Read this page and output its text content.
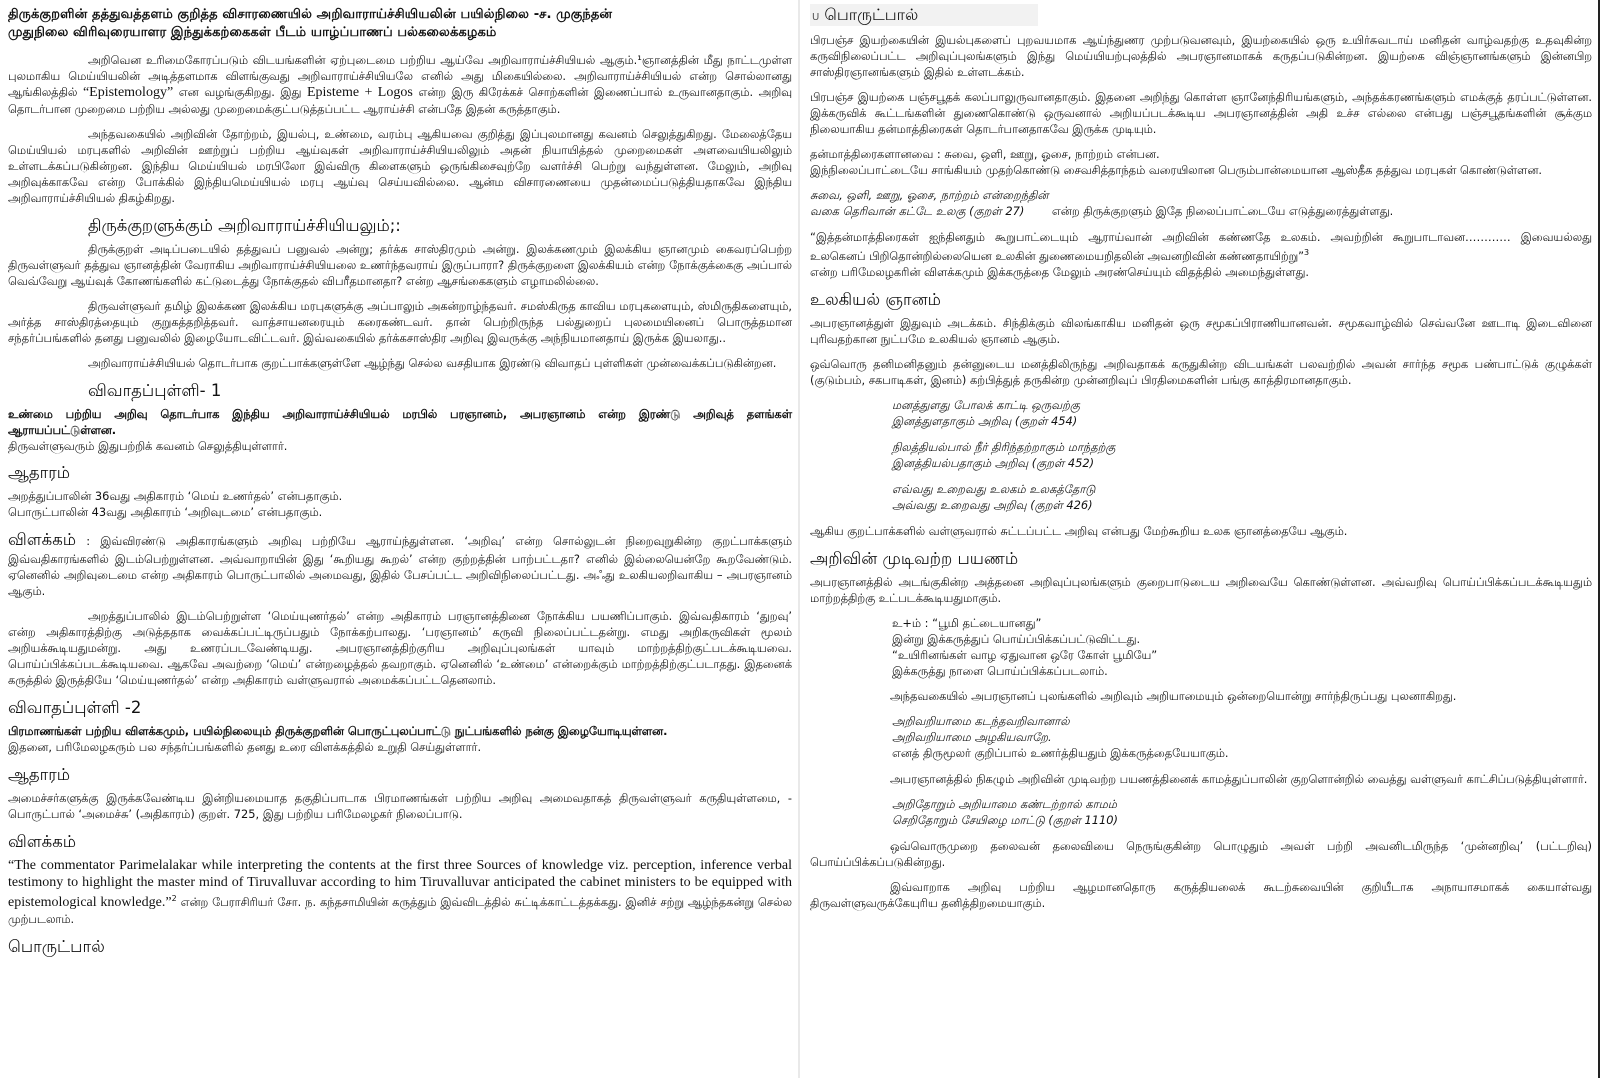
திருக்குறளின் தத்துவத்தளம் குறித்த விசாரணையில் அறிவாராய்ச்சியியலின் பயில்நிலை -ச. முகுந்தன்

முதுநிலை விரிவுரையாளர இந்துக்கற்கைகள் பீடம் யாழ்ப்பாணப் பல்கலைக்கழகம்

அறிவென உரிமைகோரப்படும் விடயங்களின் ஏற்புடைமை பற்றிய ஆய்வே அறிவாராய்ச்சியியல் ஆகும்.¹ஞானத்தின் மீது நாட்டமுள்ள புலமாகிய மெய்யியலின் அடித்தளமாக விளங்குவது அறிவாராய்ச்சியியலே எனில் அது மிகையில்லை. அறிவாராய்ச்சியியல் என்ற சொல்லானது ஆங்கிலத்தில் “Epistemology” என வழங்குகிறது. இது Episteme + Logos என்ற இரு கிரேக்கச் சொற்களின் இணைப்பால் உருவானதாகும். அறிவு தொடர்பான முறைமை பற்றிய அல்லது முறைமைக்குட்படுத்தப்பட்ட ஆராய்ச்சி என்பதே இதன் கருத்தாகும்.

அந்தவகையில் அறிவின் தோற்றம், இயல்பு, உண்மை, வரம்பு ஆகியவை குறித்து இப்புலமானது கவனம் செலுத்துகிறது. மேலைத்தேய மெய்யியல் மரபுகளில் அறிவின் ஊற்றுப் பற்றிய ஆய்வுகள் அறிவாராய்ச்சியியலிலும் அதன் நியாயித்தல் முறைமைகள் அளவையியலிலும் உள்ளடக்கப்படுகின்றன. இந்திய மெய்யியல் மரபிலோ இவ்விரு கிளைகளும் ஒருங்கிசைவுற்றே வளர்ச்சி பெற்று வந்துள்ளன. மேலும், அறிவு அறிவுக்காகவே என்ற போக்கில் இந்தியமெய்யியல் மரபு ஆய்வு செய்யவில்லை. ஆன்ம விசாரணையை முதன்மைப்படுத்தியதாகவே இந்திய அறிவாராய்ச்சியியல் திகழ்கிறது.

திருக்குறளுக்கும் அறிவாராய்ச்சியியலும்;:

திருக்குறள் அடிப்படையில் தத்துவப் பனுவல் அன்று; தர்க்க சாஸ்திரமும் அன்று. இலக்கணமும் இலக்கிய ஞானமும் கைவரப்பெற்ற திருவள்ளுவர் தத்துவ ஞானத்தின் வேராகிய அறிவாராய்ச்சியியலை உணர்ந்தவராய் இருப்பாரா? திருக்குறளை இலக்கியம் என்ற நோக்குக்கைகு அப்பால் வெவ்வேறு ஆய்வுக் கோணங்களில் கட்டுடைத்து நோக்குதல் விபரீதமானதா? என்ற ஆசங்கைகளும் எழாமலில்லை.

திருவள்ளுவர் தமிழ் இலக்கண இலக்கிய மரபுகளுக்கு அப்பாலும் அகன்றாழ்ந்தவர். சமஸ்கிருத காவிய மரபுகளையும், ஸ்மிருதிகளையும், அர்த்த சாஸ்திரத்தையும் குறுகத்தறித்தவர். வாத்சாயனரையும் கரைகண்டவர். தான் பெற்றிருந்த பல்துறைப் புலமையினைப் பொருத்தமான சந்தர்ப்பங்களில் தனது பனுவலில் இழையோடவிட்டவர். இவ்வகையில் தர்க்கசாஸ்திர அறிவு இவருக்கு அந்நியமானதாய் இருக்க இயலாது..

அறிவாராய்ச்சியியல் தொடர்பாக குறட்பாக்களுள்ளே ஆழ்ந்து செல்ல வசதியாக இரண்டு விவாதப் புள்ளிகள் முன்வைக்கப்படுகின்றன.

விவாதப்புள்ளி- 1

உண்மை பற்றிய அறிவு தொடர்பாக இந்திய அறிவாராய்ச்சியியல் மரபில் பரஞானம், அபரஞானம் என்ற இரண்டு அறிவுத் தளங்கள் ஆராயப்பட்டுள்ளன.
திருவள்ளுவரும் இதுபற்றிக் கவனம் செலுத்தியுள்ளார்.

ஆதாரம்

அறத்துப்பாலின் 36வது அதிகாரம் ‘மெய் உணர்தல்’ என்பதாகும்.
பொருட்பாலின் 43வது அதிகாரம் ‘அறிவுடமை’ என்பதாகும்.

விளக்கம் : இவ்விரண்டு அதிகாரங்களும் அறிவு பற்றியே ஆராய்ந்துள்ளன. ‘அறிவு’ என்ற சொல்லுடன் நிறைவுறுகின்ற குறட்பாக்களும் இவ்வதிகாரங்களில் இடம்பெற்றுள்ளன. அவ்வாறாயின் இது ‘கூறியது கூறல்’ என்ற குற்றத்தின் பாற்பட்டதா? எனில் இல்லையென்றே கூறவேண்டும். ஏனெனில் அறிவுடைமை என்ற அதிகாரம் பொருட்பாலில் அமைவது, இதில் பேசப்பட்ட அறிவிநிலைப்பட்டது. அஃது உலகியலறிவாகிய – அபரஞானம் ஆகும்.

அறத்துப்பாலில் இடம்பெற்றுள்ள ‘மெய்யுணர்தல்’ என்ற அதிகாரம் பரஞானத்தினை நோக்கிய பயணிப்பாகும். இவ்வதிகாரம் ‘துறவு’ என்ற அதிகாரத்திற்கு அடுத்ததாக வைக்கப்பட்டிருப்பதும் நோக்கற்பாலது. ‘பரஞானம்’ கருவி நிலைப்பட்டதன்று. எமது அறிகருவிகள் மூலம் அறியக்கூடியதுமன்று. அது உணரப்படவேண்டியது. அபரஞானத்திற்குரிய அறிவுப்புலங்கள் யாவும் மாற்றத்திற்குட்படக்கூடியவை. பொய்ப்பிக்கப்படக்கூடியவை. ஆகவே அவற்றை ‘மெய்’ என்றழைத்தல் தவறாகும். ஏனெனில் ‘உண்மை’ என்றைக்கும் மாற்றத்திற்குட்படாதது. இதனைக் கருத்தில் இருத்தியே ‘மெய்யுணர்தல்’ என்ற அதிகாரம் வள்ளுவரால் அமைக்கப்பட்டதெனலாம்.

விவாதப்புள்ளி -2

பிரமாணங்கள் பற்றிய விளக்கமும், பயில்நிலையும் திருக்குறளின் பொருட்புலப்பாட்டு நுட்பங்களில் நன்கு இழையோடியுள்ளன.
இதனை, பரிமேலழகரும் பல சந்தர்ப்பங்களில் தனது உரை விளக்கத்தில் உறுதி செய்துள்ளார்.

ஆதாரம்

அமைச்சர்களுக்கு இருக்கவேண்டிய இன்றியமையாத தகுதிப்பாடாக பிரமாணங்கள் பற்றிய அறிவு அமைவதாகத் திருவள்ளுவர் கருதியுள்ளமை, - பொருட்பால் ‘அமைச்சு’ (அதிகாரம்) குறள். 725, இது பற்றிய பரிமேலழகர் நிலைப்பாடு.

விளக்கம்

“The commentator Parimelalakar while interpreting the contents at the first three Sources of knowledge viz. perception, inference verbal testimony to highlight the master mind of Tiruvalluvar according to him Tiruvalluvar anticipated the cabinet ministers to be equipped with epistemological knowledge.”$^2$ என்ற பேராசிரியர் சோ. ந. கந்தசாமியின் கருத்தும் இவ்விடத்தில் சுட்டிக்காட்டத்தக்கது. இனிச் சற்று ஆழ்ந்தகன்று செல்ல முற்படலாம்.

பொருட்பால்

U பொருட்பால்

பிரபஞ்ச இயற்கையின் இயல்புகளைப் புறவயமாக ஆய்ந்துணர முற்படுவனவும், இயற்கையில் ஒரு உயிர்சுவடாய் மனிதன் வாழ்வதற்கு உதவுகின்ற கருவிநிலைப்பட்ட அறிவுப்புலங்களும் இந்து மெய்யியற்புலத்தில் அபரஞானமாகக் கருதப்படுகின்றன. இயற்கை விஞ்ஞானங்களும் இன்னபிற சாஸ்திரஞானங்களும் இதில் உள்ளடக்கம்.

பிரபஞ்ச இயற்கை பஞ்சபூதக் கலப்பாலுருவானதாகும். இதனை அறிந்து கொள்ள ஞானேந்திரியங்களும், அந்தக்கரணங்களும் எமக்குத் தரப்பட்டுள்ளன. இக்கருவிக் கூட்டங்களின் துணைகொண்டு ஒருவனால் அறியப்படக்கூடிய அபரஞானத்தின் அதி உச்ச எல்லை என்பது பஞ்சபூதங்களின் சூக்கும நிலையாகிய தன்மாத்திரைகள் தொடர்பானதாகவே இருக்க முடியும்.

தன்மாத்திரைகளானவை : சுவை, ஒளி, ஊறு, ஓசை, நாற்றம் என்பன.
இந்நிலைப்பாட்டையே சாங்கியம் முதற்கொண்டு சைவசித்தாந்தம் வரையிலான பெரும்பான்மையான ஆஸ்தீக தத்துவ மரபுகள் கொண்டுள்ளன.

சுவை, ஒளி, ஊறு, ஓசை, நாற்றம் என்றைந்தின்
வகை தெரிவான் கட்டே உலகு (குறள் 27) என்ற திருக்குறளும் இதே நிலைப்பாட்டையே எடுத்துரைத்துள்ளது.

“இத்தன்மாத்திரைகள் ஐந்தினதும் கூறுபாட்டையும் ஆராய்வான் அறிவின் கண்ணதே உலகம். அவற்றின் கூறுபாடாவன………… இவையல்லது உலகெனப் பிறிதொன்றில்லையென உலகின் துணைமையறிதலின் அவனறிவின் கண்ணதாயிற்று”$^3$
என்ற பரிமேலழகரின் விளக்கமும் இக்கருத்தை மேலும் அரண்செய்யும் விதத்தில் அமைந்துள்ளது.

உலகியல் ஞானம்

அபரஞானத்துள் இதுவும் அடக்கம். சிந்திக்கும் விலங்காகிய மனிதன் ஒரு சமூகப்பிராணியானவன். சமூகவாழ்வில் செவ்வனே ஊடாடி இடைவினை புரிவதற்கான நுட்பமே உலகியல் ஞானம் ஆகும்.

ஒவ்வொரு தனிமனிதனும் தன்னுடைய மனத்திலிருந்து அறிவதாகக் கருதுகின்ற விடயங்கள் பலவற்றில் அவன் சார்ந்த சமூக பண்பாட்டுக் குழுக்கள் (குடும்பம், சகபாடிகள், இனம்) கற்பித்துத் தருகின்ற முன்னறிவுப் பிரதிமைகளின் பங்கு காத்திரமானதாகும்.

மனத்துளது போலக் காட்டி ஒருவற்கு
இனத்துளதாகும் அறிவு (குறள் 454)

நிலத்தியல்பால் நீர் திரிந்தற்றாகும் மாந்தற்கு
இனத்தியல்பதாகும் அறிவு (குறள் 452)

எவ்வது உறைவது உலகம் உலகத்தோடு
அவ்வது உறைவது அறிவு (குறள் 426)

ஆகிய குறட்பாக்களில் வள்ளுவரால் சுட்டப்பட்ட அறிவு என்பது மேற்கூறிய உலக ஞானத்தையே ஆகும்.

அறிவின் முடிவற்ற பயணம்

அபரஞானத்தில் அடங்குகின்ற அத்தனை அறிவுப்புலங்களும் குறைபாடுடைய அறிவையே கொண்டுள்ளன. அவ்வறிவு பொய்ப்பிக்கப்படக்கூடியதும் மாற்றத்திற்கு உட்படக்கூடியதுமாகும்.

உ+ம் : “பூமி தட்டையானது”
இன்று இக்கருத்துப் பொய்ப்பிக்கப்பட்டுவிட்டது.
“உயிரினங்கள் வாழ ஏதுவான ஒரே கோள் பூமியே”
இக்கருத்து நாளை பொய்ப்பிக்கப்படலாம்.

அந்தவகையில் அபரஞானப் புலங்களில் அறிவும் அறியாமையும் ஒன்றையொன்று சார்ந்திருப்பது புலனாகிறது.

அறிவறியாமை கடந்தவறிவானால்
அறிவறியாமை அழகியவாறே.
எனத் திருமூலர் குறிப்பால் உணர்த்தியதும் இக்கருத்தையேயாகும்.

அபரஞானத்தில் நிகழும் அறிவின் முடிவற்ற பயணத்தினைக் காமத்துப்பாலின் குறளொன்றில் வைத்து வள்ளுவர் காட்சிப்படுத்தியுள்ளார்.

அறிதோறும் அறியாமை கண்டற்றால் காமம்
செறிதோறும் சேயிழை மாட்டு (குறள் 1110)

ஒவ்வொருமுறை தலைவன் தலைவியை நெருங்குகின்ற பொழுதும் அவள் பற்றி அவனிடமிருந்த ‘முன்னறிவு’ (பட்டறிவு) பொய்ப்பிக்கப்படுகின்றது.

இவ்வாறாக அறிவு பற்றிய ஆழமானதொரு கருத்தியலைக் கூடற்சுவையின் குறியீடாக அநாயாசமாகக் கையாள்வது திருவள்ளுவருக்கேயுரிய தனித்திறமையாகும்.
